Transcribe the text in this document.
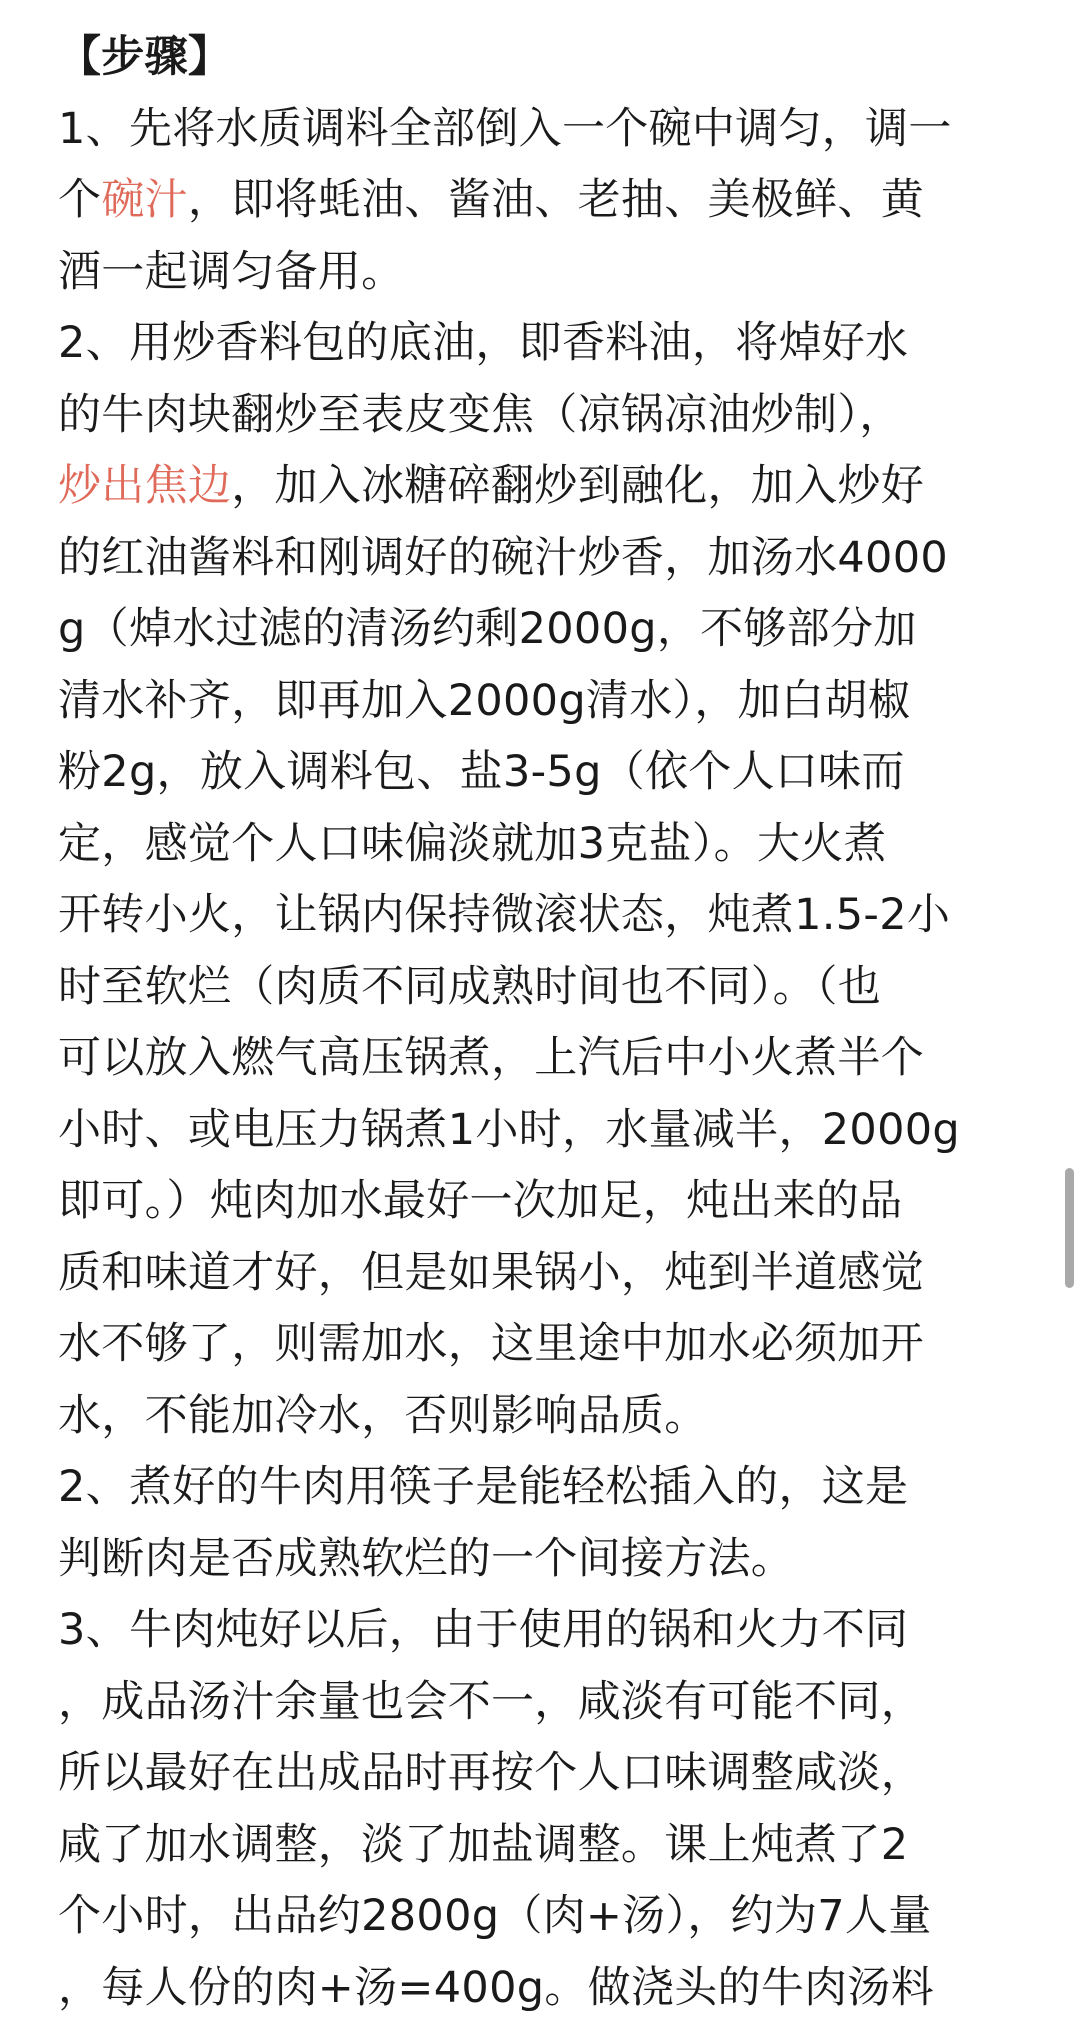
【步骤】
1、先将水质调料全部倒入一个碗中调匀，调一
个碗汁，即将蚝油、酱油、老抽、美极鲜、黄
酒一起调匀备用。
2、用炒香料包的底油，即香料油，将焯好水
的牛肉块翻炒至表皮变焦（凉锅凉油炒制），
炒出焦边，加入冰糖碎翻炒到融化，加入炒好
的红油酱料和刚调好的碗汁炒香，加汤水4000
g（焯水过滤的清汤约剩2000g，不够部分加
清水补齐，即再加入2000g清水），加白胡椒
粉2g，放入调料包、盐3-5g（依个人口味而
定，感觉个人口味偏淡就加3克盐）。大火煮
开转小火，让锅内保持微滚状态，炖煮1.5-2小
时至软烂（肉质不同成熟时间也不同）。（也
可以放入燃气高压锅煮，上汽后中小火煮半个
小时、或电压力锅煮1小时，水量减半，2000g
即可。）炖肉加水最好一次加足，炖出来的品
质和味道才好，但是如果锅小，炖到半道感觉
水不够了，则需加水，这里途中加水必须加开
水，不能加冷水，否则影响品质。
2、煮好的牛肉用筷子是能轻松插入的，这是
判断肉是否成熟软烂的一个间接方法。
3、牛肉炖好以后，由于使用的锅和火力不同
，成品汤汁余量也会不一，咸淡有可能不同，
所以最好在出成品时再按个人口味调整咸淡，
咸了加水调整，淡了加盐调整。课上炖煮了2
个小时，出品约2800g（肉+汤），约为7人量
，每人份的肉+汤=400g。做浇头的牛肉汤料
